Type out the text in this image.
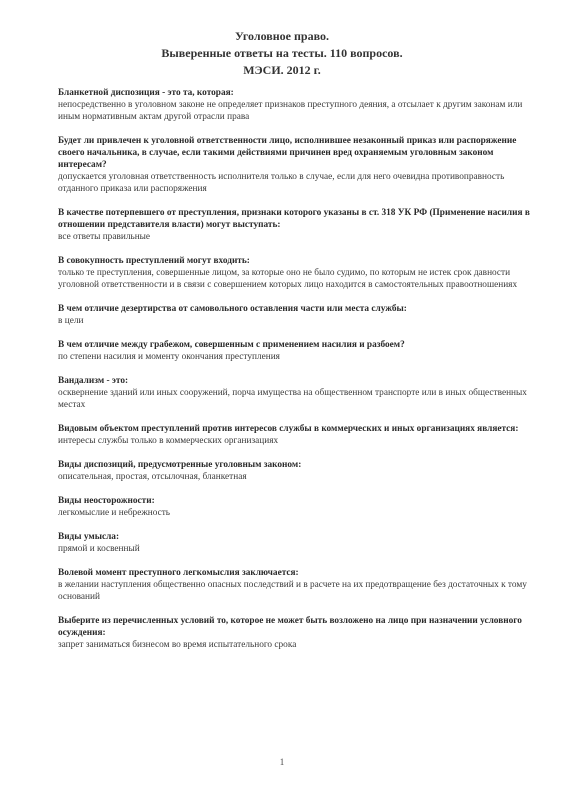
Уголовное право.
Выверенные ответы на тесты. 110 вопросов.
МЭСИ. 2012 г.
Бланкетной диспозиция - это та, которая:
непосредственно в уголовном законе не определяет признаков преступного деяния, а отсылает к другим законам или иным нормативным актам другой отрасли права
Будет ли привлечен к уголовной ответственности лицо, исполнившее незаконный приказ или распоряжение своего начальника, в случае, если такими действиями причинен вред охраняемым уголовным законом интересам?
допускается уголовная ответственность исполнителя только в случае, если для него очевидна противоправность отданного приказа или распоряжения
В качестве потерпевшего от преступления, признаки которого указаны в ст. 318 УК РФ (Применение насилия в отношении представителя власти) могут выступать:
все ответы правильные
В совокупность преступлений могут входить:
только те преступления, совершенные лицом, за которые оно не было судимо, по которым не истек срок давности уголовной ответственности и в связи с совершением которых лицо находится в самостоятельных правоотношениях
В чем отличие дезертирства от самовольного оставления части или места службы:
в цели
В чем отличие между грабежом, совершенным с применением насилия и разбоем?
по степени насилия и моменту окончания преступления
Вандализм - это:
осквернение зданий или иных сооружений, порча имущества на общественном транспорте или в иных общественных местах
Видовым объектом преступлений против интересов службы в коммерческих и иных организациях является:
интересы службы только в коммерческих организациях
Виды диспозиций, предусмотренные уголовным законом:
описательная, простая, отсылочная, бланкетная
Виды неосторожности:
легкомыслие и небрежность
Виды умысла:
прямой и косвенный
Волевой момент преступного легкомыслия заключается:
в желании наступления общественно опасных последствий и в расчете на их предотвращение без достаточных к тому оснований
Выберите из перечисленных условий то, которое не может быть возложено на лицо при назначении условного осуждения:
запрет заниматься бизнесом во время испытательного срока
1
